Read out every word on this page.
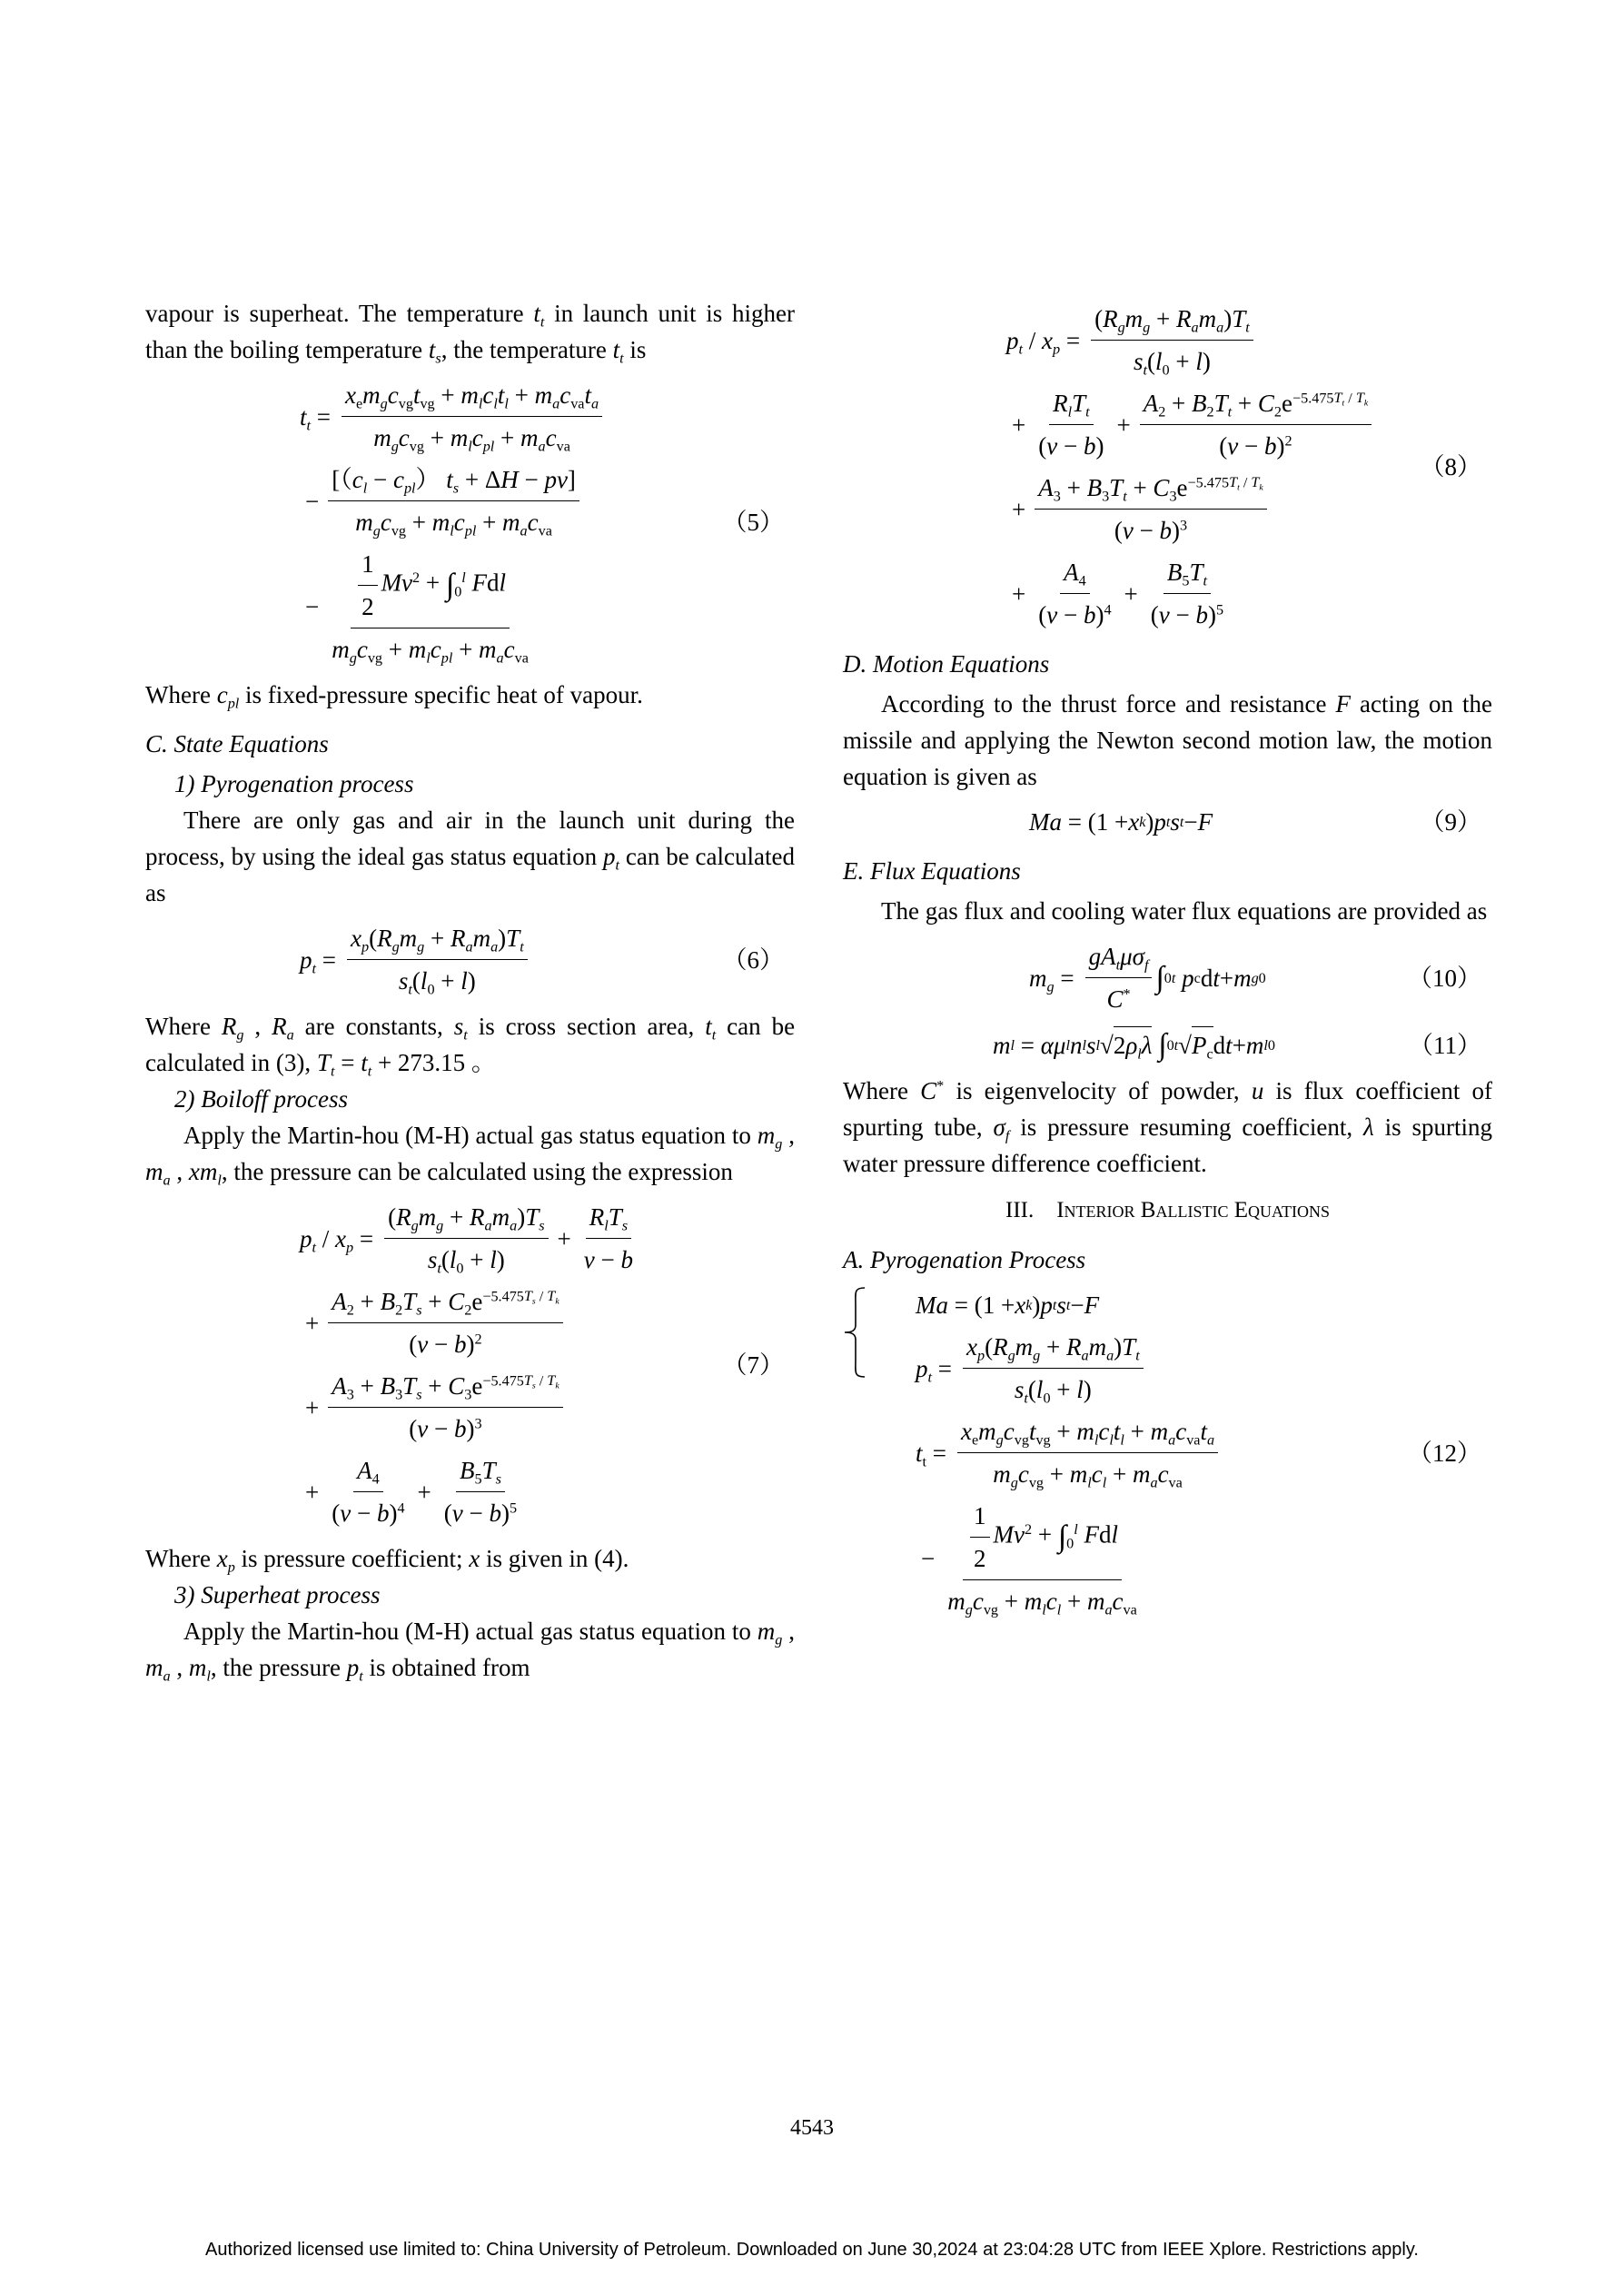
vapour is superheat. The temperature $t_t$ in launch unit is higher than the boiling temperature $t_s$, the temperature $t_t$ is

$t_t = \frac{x_em_gc_{vg}t_{vg} + m_lc_lt_l + m_ac_{va}t_a}{m_gc_{vg} + m_lc_{pl} + m_ac_{va}}$
− $\frac{[(c_l - c_{pl}) t_s + \Delta H - pv]}{m_gc_{vg} + m_lc_{pl} + m_ac_{va}}$
− $\frac{\frac{1}{2} Mv^2 + \int_0^l Fdl}{m_gc_{vg} + m_lc_{pl} + m_ac_{va}}$
（5）

Where $c_{pl}$ is fixed-pressure specific heat of vapour.

C. State Equations

1) Pyrogenation process

There are only gas and air in the launch unit during the process, by using the ideal gas status equation $p_t$ can be calculated as

$p_t = \frac{x_p(R_gm_g + R_am_a)T_t}{s_t(l_0 + l)}$	（6）

Where $R_g$ , $R_a$ are constants, $s_t$ is cross section area, $t_t$ can be calculated in (3), $T_t = t_t + 273.15$ 。

2) Boiloff process

Apply the Martin-hou (M-H) actual gas status equation to $m_g$ , $m_a$ , $xm_l$, the pressure can be calculated using the expression

$p_t / x_p = \frac{(R_gm_g + R_am_a)T_s}{s_t(l_0 + l)} + \frac{R_lT_s}{v - b}$
+ $\frac{A_2 + B_2T_s + C_2e^{-5.475T_s / T_k}}{(v - b)^2}$
+ $\frac{A_3 + B_3T_s + C_3e^{-5.475T_s / T_k}}{(v - b)^3}$
+ $\frac{A_4}{(v - b)^4} + \frac{B_5T_s}{(v - b)^5}$
（7）

Where $x_p$ is pressure coefficient; x is given in (4).

3) Superheat process

Apply the Martin-hou (M-H) actual gas status equation to $m_g$ , $m_a$ , $m_l$, the pressure $p_t$ is obtained from

$p_t / x_p = \frac{(R_gm_g + R_am_a)T_t}{s_t(l_0 + l)}$
+ $\frac{R_lT_t}{(v - b)} + \frac{A_2 + B_2T_t + C_2e^{-5.475T_t / T_k}}{(v - b)^2}$
+ $\frac{A_3 + B_3T_t + C_3e^{-5.475T_t / T_k}}{(v - b)^3}$
+ $\frac{A_4}{(v - b)^4} + \frac{B_5T_t}{(v - b)^5}$
（8）

D. Motion Equations

According to the thrust force and resistance F acting on the missile and applying the Newton second motion law, the motion equation is given as

Ma = (1 + x k ) p t s t − F	（9）

E. Flux Equations

The gas flux and cooling water flux equations are provided as

$m_g = \frac{gA_t\mu\sigma_f}{C^*}$ ∫ 0 t
p c d t + m g0	（10）
m l = αμ l n l s l √ $2\rho_l\lambda$
∫ 0 t √ $P_c$ d t + m l0	（11）

Where C* is eigenvelocity of powder, u is flux coefficient of spurting tube, $\sigma_f$ is pressure resuming coefficient, λ is spurting water pressure difference coefficient.

III. Interior Ballistic Equations

A. Pyrogenation Process

Ma = (1 + x k ) p t s t − F
$p_t = \frac{x_p(R_gm_g + R_am_a)T_t}{s_t(l_0 + l)}$
$t_t = \frac{x_em_gc_{vg}t_{vg} + m_lc_lt_l + m_ac_{va}t_a}{m_gc_{vg} + m_lc_l + m_ac_{va}}$
− $\frac{\frac{1}{2} Mv^2 + \int_0^l Fdl}{m_gc_{vg} + m_lc_l + m_ac_{va}}$
（12）
4543
Authorized licensed use limited to: China University of Petroleum. Downloaded on June 30,2024 at 23:04:28 UTC from IEEE Xplore. Restrictions apply.
